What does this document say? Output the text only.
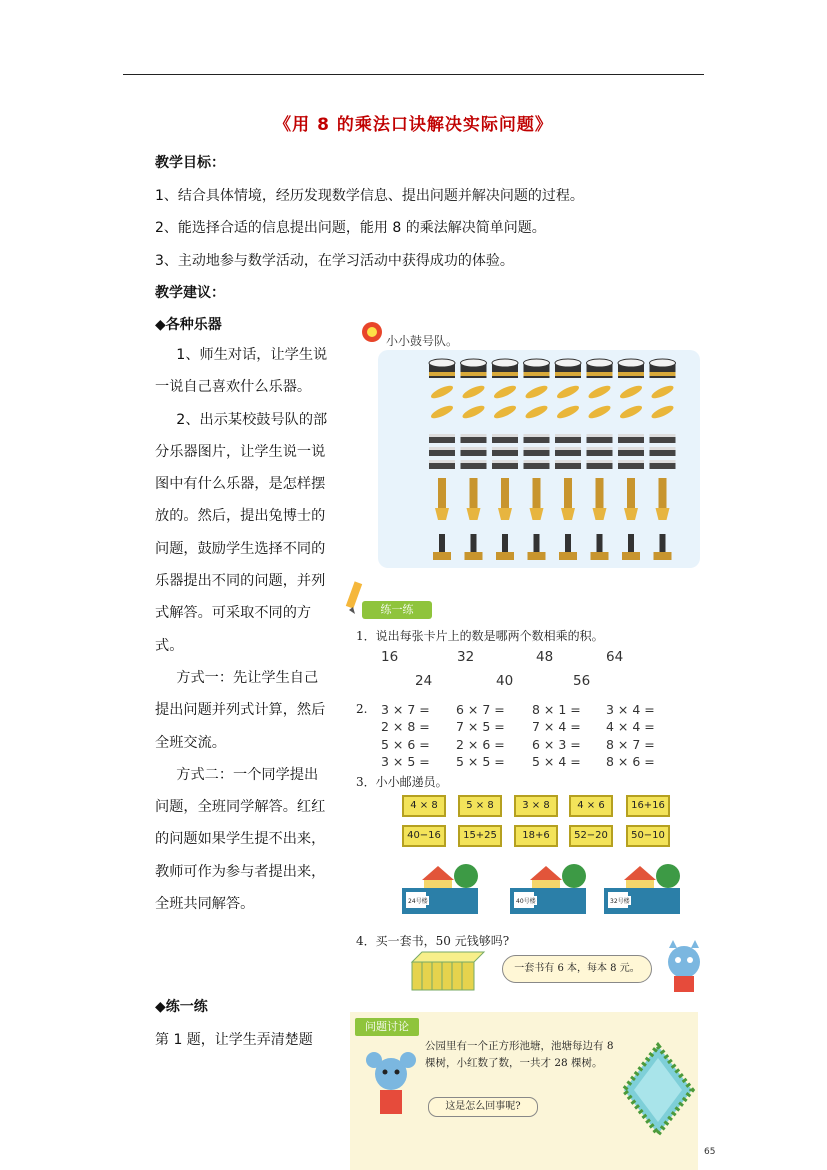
《用 8 的乘法口诀解决实际问题》
教学目标：
1、结合具体情境，经历发现数学信息、提出问题并解决问题的过程。
2、能选择合适的信息提出问题，能用 8 的乘法解决简单问题。
3、主动地参与数学活动，在学习活动中获得成功的体验。
教学建议：
◆各种乐器

1、师生对话，让学生说一说自己喜欢什么乐器。

2、出示某校鼓号队的部分乐器图片，让学生说一说图中有什么乐器，是怎样摆放的。然后，提出兔博士的问题，鼓励学生选择不同的乐器提出不同的问题，并列式解答。可采取不同的方式。

方式一：先让学生自己提出问题并列式计算，然后全班交流。

方式二：一个同学提出问题，全班同学解答。红红的问题如果学生提不出来，教师可作为参与者提出来，全班共同解答。

◆练一练
第 1 题，让学生弄清楚题
小小鼓号队。
练一练
1．说出每张卡片上的数是哪两个数相乘的积。
16	32	48	64
24	40	56
2. 3 × 7 = 6 × 7 = 8 × 1 = 3 × 4 =
2 × 8 = 7 × 5 = 7 × 4 = 4 × 4 =
5 × 6 = 2 × 6 = 6 × 3 = 8 × 7 =
3 × 5 = 5 × 5 = 5 × 4 = 8 × 6 =
3．小小邮递员。
4 × 8	5 × 8	3 × 8	4 × 6	16+16
40−16	15+25	18+6	52−20	50−10
24号楼	40号楼	32号楼
4．买一套书，50 元钱够吗?
一套书有 6 本，每本 8 元。
问题讨论
公园里有一个正方形池塘，池塘每边有 8 棵树，小红数了数，一共才 28 棵树。
这是怎么回事呢?
65
